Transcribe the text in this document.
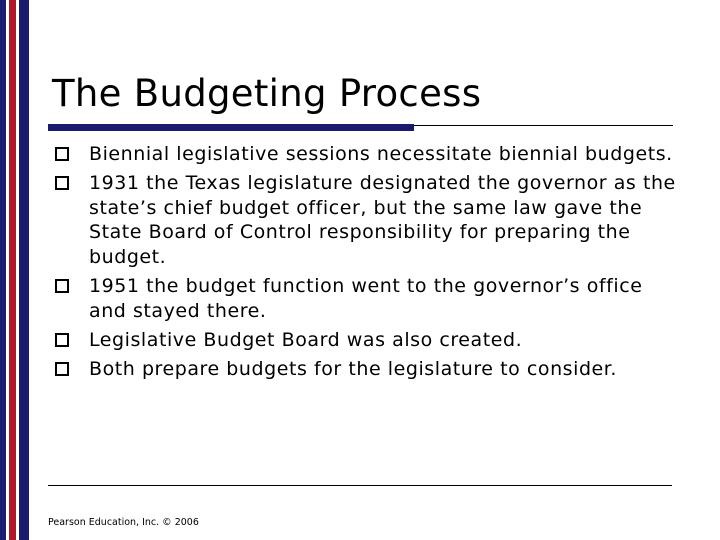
The Budgeting Process
Biennial legislative sessions necessitate biennial budgets.
1931 the Texas legislature designated the governor as the state’s chief budget officer, but the same law gave the State Board of Control responsibility for preparing the budget.
1951 the budget function went to the governor’s office and stayed there.
Legislative Budget Board was also created.
Both prepare budgets for the legislature to consider.
Pearson Education, Inc. © 2006
